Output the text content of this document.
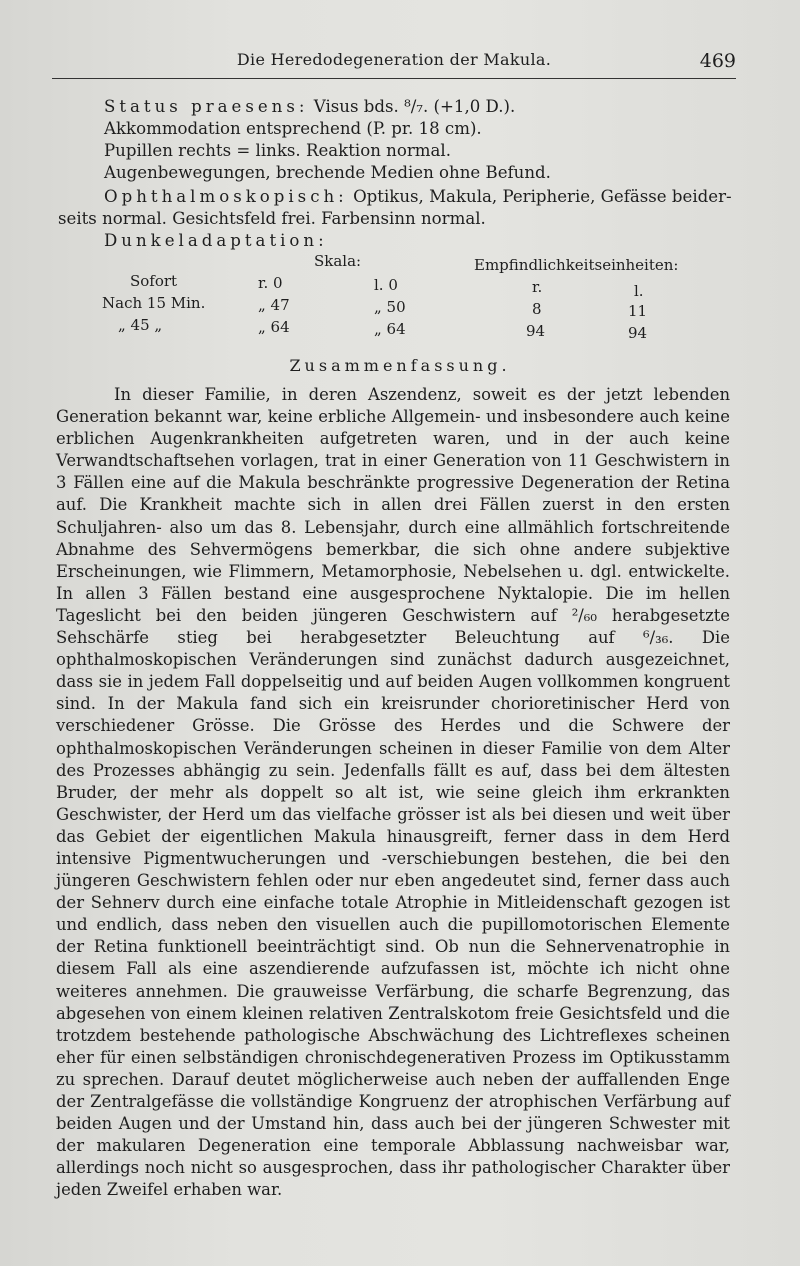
Die Heredodegeneration der Makula.	469
Status praesens: Visus bds. ⁸/₇. (+1,0 D.).
Akkommodation entsprechend (P. pr. 18 cm).
Pupillen rechts = links. Reaktion normal.
Augenbewegungen, brechende Medien ohne Befund.
Ophthalmoskopisch: Optikus, Makula, Peripherie, Gefässe beider-
seits normal. Gesichtsfeld frei. Farbensinn normal.
Dunkeladaptation:
Skala:	Empfindlichkeitseinheiten:
Sofort	r. 0	l. 0	r.	l.
Nach 15 Min.	„ 47	„ 50	8	11
„ 45 „	„ 64	„ 64	94	94
Zusammenfassung.

In dieser Familie, in deren Aszendenz, soweit es der jetzt lebenden Generation bekannt war, keine erbliche Allgemein- und insbesondere auch keine erblichen Augenkrankheiten aufgetreten waren, und in der auch keine Verwandtschaftsehen vorlagen, trat in einer Generation von 11 Geschwistern in 3 Fällen eine auf die Makula beschränkte progressive Degeneration der Retina auf. Die Krankheit machte sich in allen drei Fällen zuerst in den ersten Schuljahren- also um das 8. Lebensjahr, durch eine allmählich fortschreitende Abnahme des Sehvermögens bemerkbar, die sich ohne andere subjektive Erscheinungen, wie Flimmern, Metamorphosie, Nebelsehen u. dgl. entwickelte. In allen 3 Fällen bestand eine ausgesprochene Nyktalopie. Die im hellen Tageslicht bei den beiden jüngeren Geschwistern auf ²/₆₀ herabgesetzte Sehschärfe stieg bei herabgesetzter Beleuchtung auf ⁶/₃₆. Die ophthalmoskopischen Veränderungen sind zunächst dadurch ausgezeichnet, dass sie in jedem Fall doppelseitig und auf beiden Augen vollkommen kongruent sind. In der Makula fand sich ein kreisrunder chorioretinischer Herd von verschiedener Grösse. Die Grösse des Herdes und die Schwere der ophthalmoskopischen Veränderungen scheinen in dieser Familie von dem Alter des Prozesses abhängig zu sein. Jedenfalls fällt es auf, dass bei dem ältesten Bruder, der mehr als doppelt so alt ist, wie seine gleich ihm erkrankten Geschwister, der Herd um das vielfache grösser ist als bei diesen und weit über das Gebiet der eigentlichen Makula hinausgreift, ferner dass in dem Herd intensive Pigmentwucherungen und -verschiebungen bestehen, die bei den jüngeren Geschwistern fehlen oder nur eben angedeutet sind, ferner dass auch der Sehnerv durch eine einfache totale Atrophie in Mitleidenschaft gezogen ist und endlich, dass neben den visuellen auch die pupillomotorischen Elemente der Retina funktionell beeinträchtigt sind. Ob nun die Sehnervenatrophie in diesem Fall als eine aszendierende aufzufassen ist, möchte ich nicht ohne weiteres annehmen. Die grauweisse Verfärbung, die scharfe Begrenzung, das abgesehen von einem kleinen relativen Zentralskotom freie Gesichtsfeld und die trotzdem bestehende pathologische Abschwächung des Lichtreflexes scheinen eher für einen selbständigen chronischdegenerativen Prozess im Optikusstamm zu sprechen. Darauf deutet möglicherweise auch neben der auffallenden Enge der Zentralgefässe die vollständige Kongruenz der atrophischen Verfärbung auf beiden Augen und der Umstand hin, dass auch bei der jüngeren Schwester mit der makularen Degeneration eine temporale Abblassung nachweisbar war, allerdings noch nicht so ausgesprochen, dass ihr pathologischer Charakter über jeden Zweifel erhaben war.
